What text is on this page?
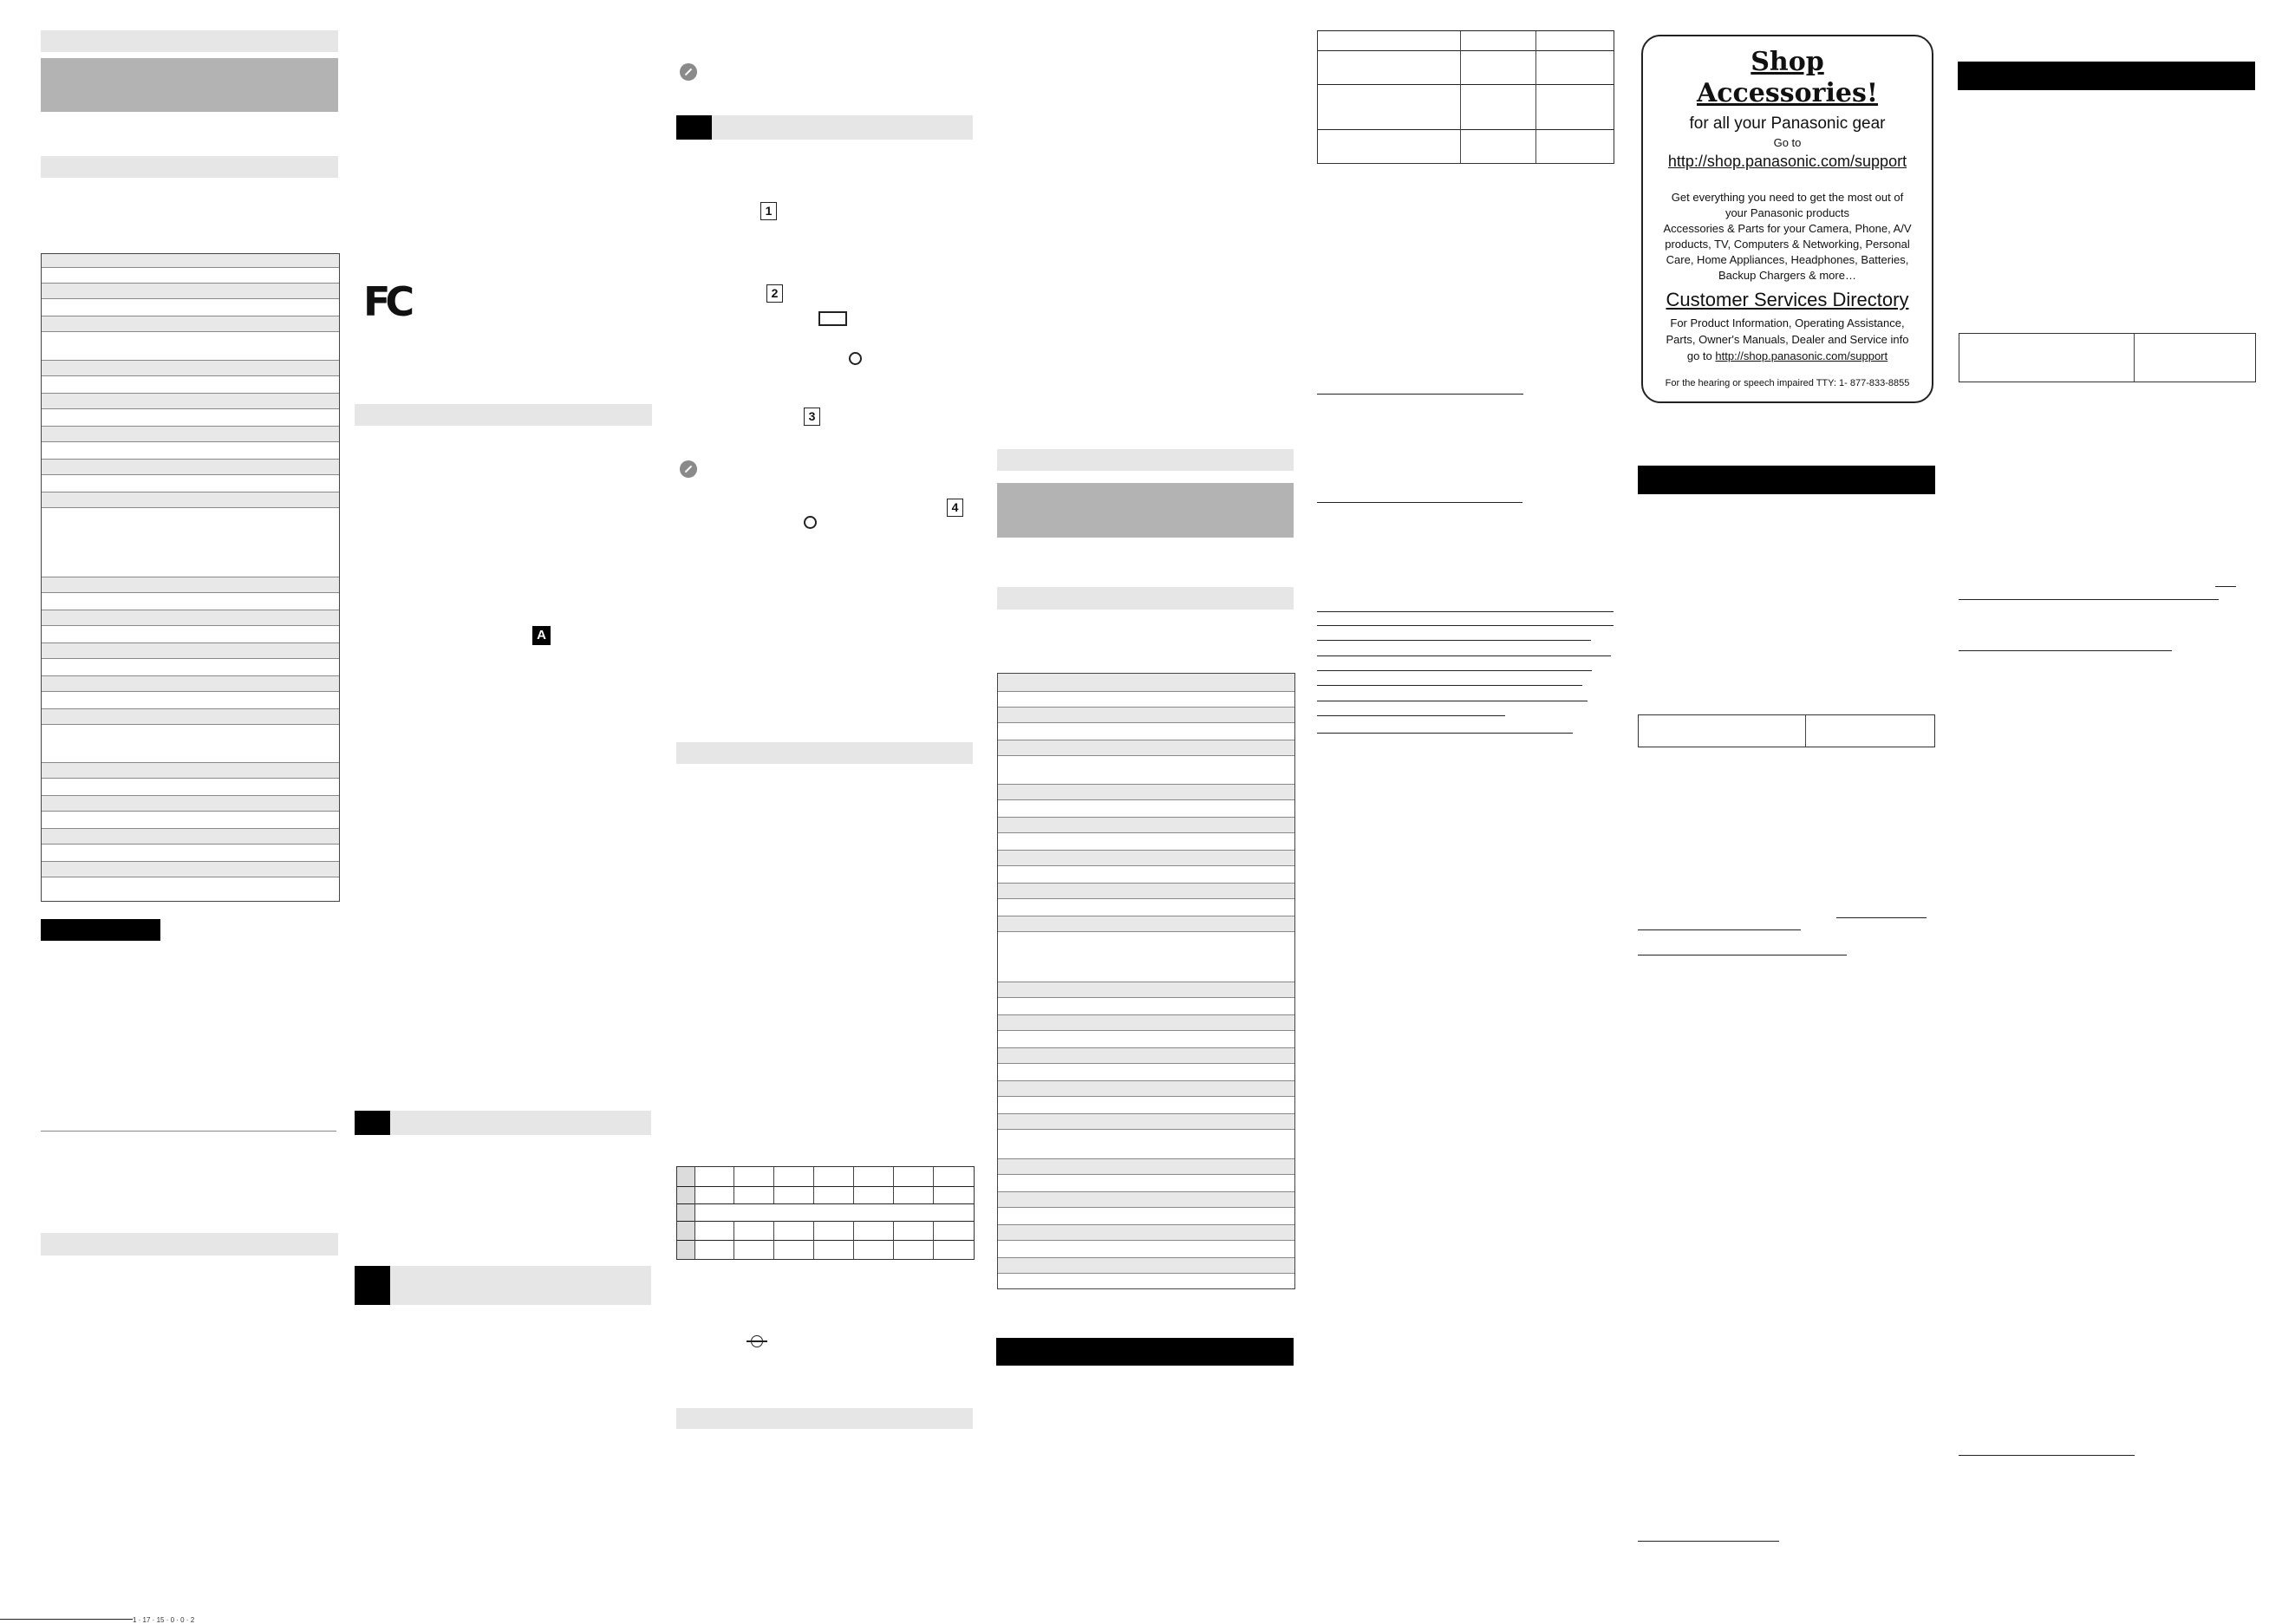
1 · 17 · 15 · 0 · 0 · 2
FC
A
1
2
3
4
Shop
Accessories!
for all your Panasonic gear
Go to
http://shop.panasonic.com/support
Get everything you need to get the most out of
your Panasonic products
Accessories & Parts for your Camera, Phone, A/V
products, TV, Computers & Networking, Personal
Care, Home Appliances, Headphones, Batteries,
Backup Chargers & more…
Customer Services Directory
For Product Information, Operating Assistance,
Parts, Owner's Manuals, Dealer and Service info
go to http://shop.panasonic.com/support
For the hearing or speech impaired TTY: 1- 877-833-8855
